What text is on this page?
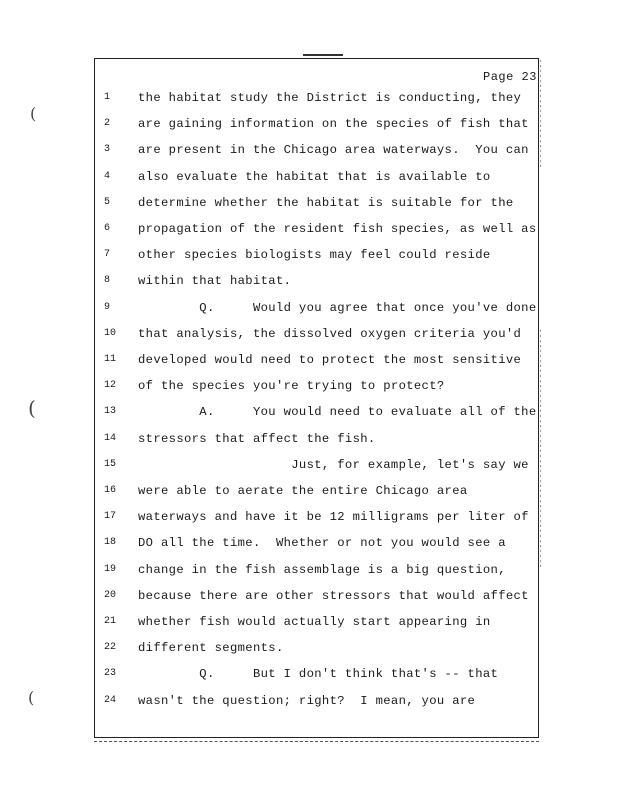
(
(
(
Page 23
1	the habitat study the District is conducting, they
2	are gaining information on the species of fish that
3	are present in the Chicago area waterways.  You can
4	also evaluate the habitat that is available to
5	determine whether the habitat is suitable for the
6	propagation of the resident fish species, as well as
7	other species biologists may feel could reside
8	within that habitat.
9	Q.     Would you agree that once you've done
10 that analysis, the dissolved oxygen criteria you'd
11 developed would need to protect the most sensitive
12 of the species you're trying to protect?
13 A.     You would need to evaluate all of the
14 stressors that affect the fish.
15 Just, for example, let's say we
16 were able to aerate the entire Chicago area
17 waterways and have it be 12 milligrams per liter of
18 DO all the time.  Whether or not you would see a
19 change in the fish assemblage is a big question,
20 because there are other stressors that would affect
21 whether fish would actually start appearing in
22 different segments.
23 Q.     But I don't think that's -- that
24 wasn't the question; right?  I mean, you are
